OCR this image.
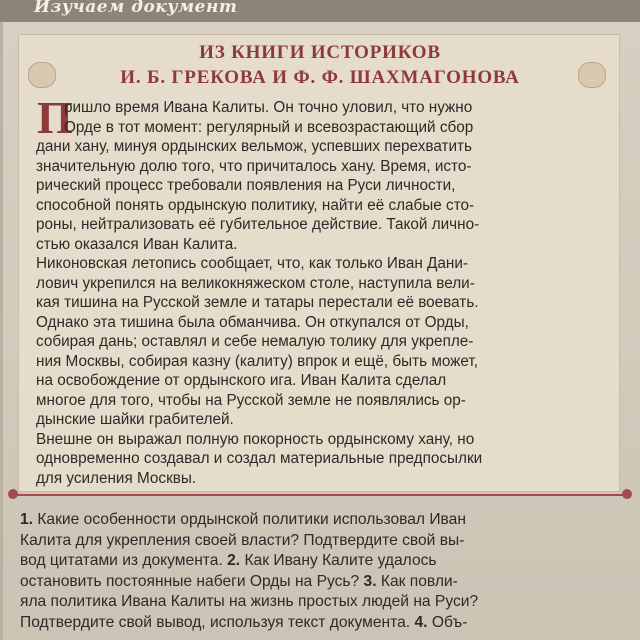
Изучаем документ
ИЗ КНИГИ ИСТОРИКОВ
И. Б. ГРЕКОВА И Ф. Ф. ШАХМАГОНОВА
П
ришло время Ивана Калиты. Он точно уловил, что нужно
Орде в тот момент: регулярный и всевозрастающий сбор
дани хану, минуя ордынских вельмож, успевших перехватить
значительную долю того, что причиталось хану. Время, исто-
рический процесс требовали появления на Руси личности,
способной понять ордынскую политику, найти её слабые сто-
роны, нейтрализовать её губительное действие. Такой лично-
стью оказался Иван Калита.
Никоновская летопись сообщает, что, как только Иван Дани-
лович укрепился на великокняжеском столе, наступила вели-
кая тишина на Русской земле и татары перестали её воевать.
Однако эта тишина была обманчива. Он откупался от Орды,
собирая дань; оставлял и себе немалую толику для укрепле-
ния Москвы, собирая казну (калиту) впрок и ещё, быть может,
на освобождение от ордынского ига. Иван Калита сделал
многое для того, чтобы на Русской земле не появлялись ор-
дынские шайки грабителей.
Внешне он выражал полную покорность ордынскому хану, но
одновременно создавал и создал материальные предпосылки
для усиления Москвы.
1. Какие особенности ордынской политики использовал Иван
Калита для укрепления своей власти? Подтвердите свой вы-
вод цитатами из документа. 2. Как Ивану Калите удалось
остановить постоянные набеги Орды на Русь? 3. Как повли-
яла политика Ивана Калиты на жизнь простых людей на Руси?
Подтвердите свой вывод, используя текст документа. 4. Объ-
